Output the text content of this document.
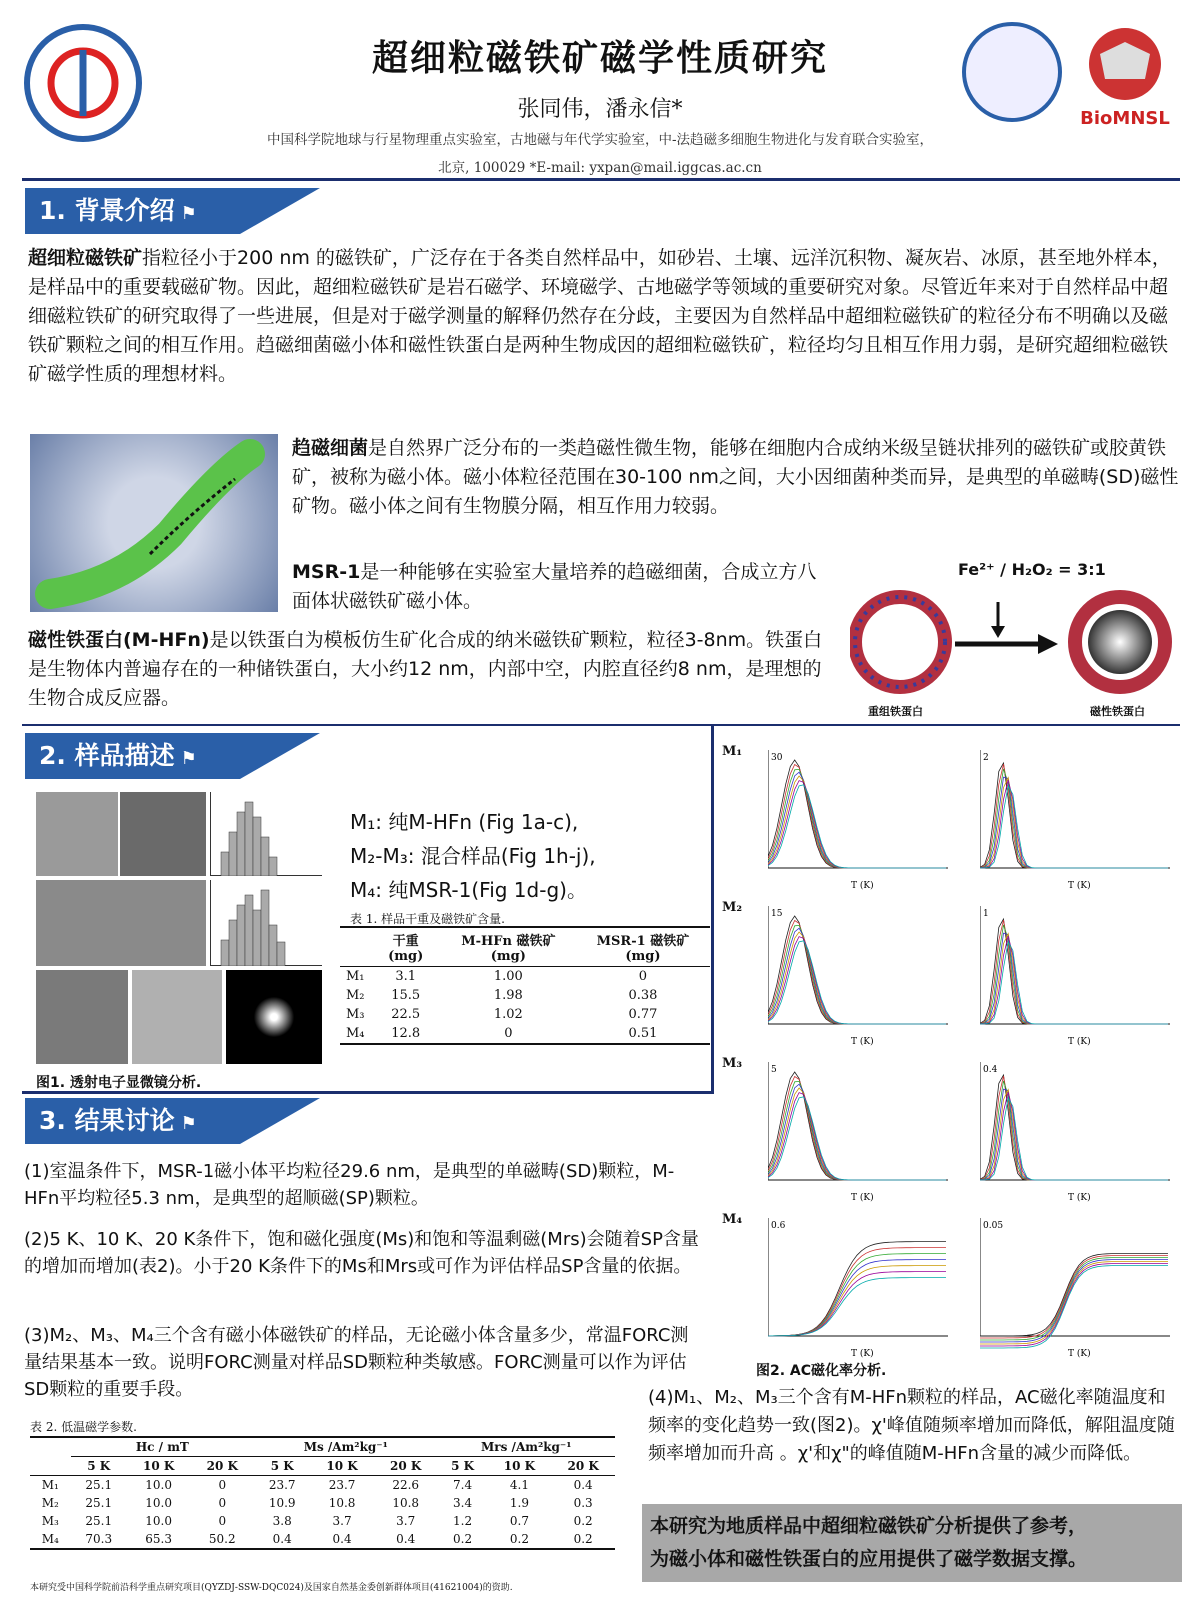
超细粒磁铁矿磁学性质研究
张同伟，潘永信*
中国科学院地球与行星物理重点实验室，古地磁与年代学实验室，中-法趋磁多细胞生物进化与发育联合实验室，
北京, 100029 *E-mail: yxpan@mail.iggcas.ac.cn
BioMNSL
1. 背景介绍 ⚑
超细粒磁铁矿指粒径小于200 nm 的磁铁矿，广泛存在于各类自然样品中，如砂岩、土壤、远洋沉积物、凝灰岩、冰原，甚至地外样本，是样品中的重要载磁矿物。因此，超细粒磁铁矿是岩石磁学、环境磁学、古地磁学等领域的重要研究对象。尽管近年来对于自然样品中超细磁粒铁矿的研究取得了一些进展，但是对于磁学测量的解释仍然存在分歧，主要因为自然样品中超细粒磁铁矿的粒径分布不明确以及磁铁矿颗粒之间的相互作用。趋磁细菌磁小体和磁性铁蛋白是两种生物成因的超细粒磁铁矿，粒径均匀且相互作用力弱，是研究超细粒磁铁矿磁学性质的理想材料。
趋磁细菌是自然界广泛分布的一类趋磁性微生物，能够在细胞内合成纳米级呈链状排列的磁铁矿或胶黄铁矿，被称为磁小体。磁小体粒径范围在30-100 nm之间，大小因细菌种类而异，是典型的单磁畴(SD)磁性矿物。磁小体之间有生物膜分隔，相互作用力较弱。
MSR-1是一种能够在实验室大量培养的趋磁细菌，合成立方八面体状磁铁矿磁小体。
磁性铁蛋白(M-HFn)是以铁蛋白为模板仿生矿化合成的纳米磁铁矿颗粒，粒径3-8nm。铁蛋白是生物体内普遍存在的一种储铁蛋白，大小约12 nm，内部中空，内腔直径约8 nm，是理想的生物合成反应器。
Fe²⁺ / H₂O₂ = 3:1
重组铁蛋白	磁性铁蛋白
2. 样品描述 ⚑
图1. 透射电子显微镜分析.
M₁: 纯M-HFn (Fig 1a-c),
M₂-M₃: 混合样品(Fig 1h-j),
M₄: 纯MSR-1(Fig 1d-g)。
表 1. 样品干重及磁铁矿含量.
	干重(mg)	M-HFn 磁铁矿 (mg)	MSR-1 磁铁矿 (mg)
M₁	3.1	1.00	0
M₂	15.5	1.98	0.38
M₃	22.5	1.02	0.77
M₄	12.8	0	0.51
3. 结果讨论 ⚑
(1)室温条件下，MSR-1磁小体平均粒径29.6 nm，是典型的单磁畴(SD)颗粒，M-HFn平均粒径5.3 nm，是典型的超顺磁(SP)颗粒。
(2)5 K、10 K、20 K条件下，饱和磁化强度(Ms)和饱和等温剩磁(Mrs)会随着SP含量的增加而增加(表2)。小于20 K条件下的Ms和Mrs或可作为评估样品SP含量的依据。
(3)M₂、M₃、M₄三个含有磁小体磁铁矿的样品，无论磁小体含量多少，常温FORC测量结果基本一致。说明FORC测量对样品SD颗粒种类敏感。FORC测量可以作为评估SD颗粒的重要手段。
表 2. 低温磁学参数.
	Hc / mT			Ms /Am²kg⁻¹			Mrs /Am²kg⁻¹		
	5 K	10 K	20 K	5 K	10 K	20 K	5 K	10 K	20 K
M₁	25.1	10.0	0	23.7	23.7	22.6	7.4	4.1	0.4
M₂	25.1	10.0	0	10.9	10.8	10.8	3.4	1.9	0.3
M₃	25.1	10.0	0	3.8	3.7	3.7	1.2	0.7	0.2
M₄	70.3	65.3	50.2	0.4	0.4	0.4	0.2	0.2	0.2
本研究受中国科学院前沿科学重点研究项目(QYZDJ-SSW-DQC024)及国家自然基金委创新群体项目(41621004)的资助.
M₁
T (K)
30
T (K)
2
M₂
T (K)
15
T (K)
1
M₃
T (K)
5
T (K)
0.4
M₄
T (K)
0.6
T (K)
0.05
图2. AC磁化率分析.
(4)M₁、M₂、M₃三个含有M-HFn颗粒的样品，AC磁化率随温度和频率的变化趋势一致(图2)。χ'峰值随频率增加而降低，解阻温度随频率增加而升高 。χ'和χ"的峰值随M-HFn含量的减少而降低。
本研究为地质样品中超细粒磁铁矿分析提供了参考，
为磁小体和磁性铁蛋白的应用提供了磁学数据支撑。
